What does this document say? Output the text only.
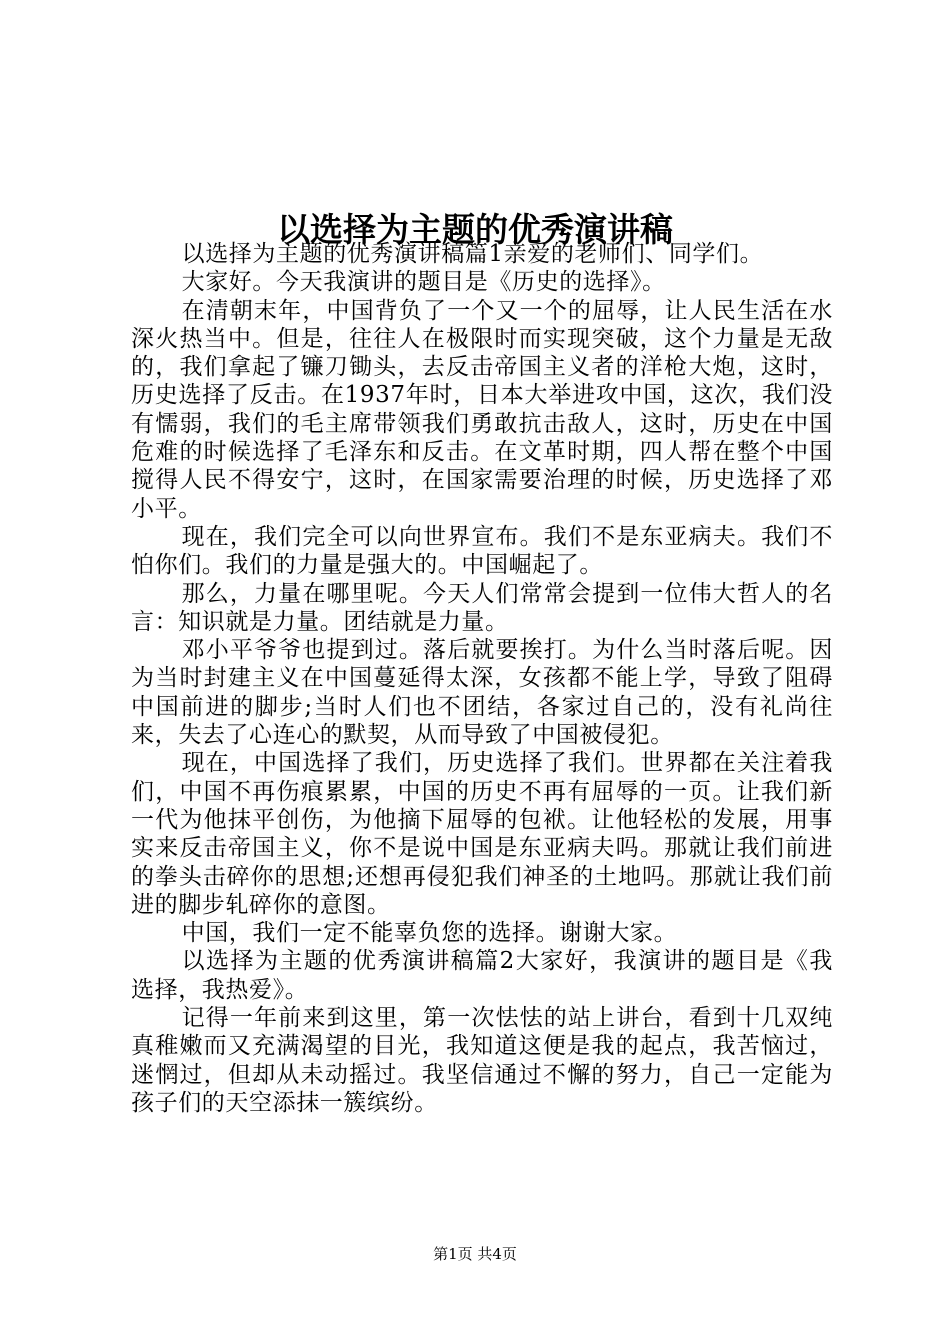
以选择为主题的优秀演讲稿

以选择为主题的优秀演讲稿篇1亲爱的老师们、同学们。

大家好。今天我演讲的题目是《历史的选择》。

在清朝末年，中国背负了一个又一个的屈辱，让人民生活在水深火热当中。但是，往往人在极限时而实现突破，这个力量是无敌的，我们拿起了镰刀锄头，去反击帝国主义者的洋枪大炮，这时，历史选择了反击。在1937年时，日本大举进攻中国，这次，我们没有懦弱，我们的毛主席带领我们勇敢抗击敌人，这时，历史在中国危难的时候选择了毛泽东和反击。在文革时期，四人帮在整个中国搅得人民不得安宁，这时，在国家需要治理的时候，历史选择了邓小平。

现在，我们完全可以向世界宣布。我们不是东亚病夫。我们不怕你们。我们的力量是强大的。中国崛起了。

那么，力量在哪里呢。今天人们常常会提到一位伟大哲人的名言：知识就是力量。团结就是力量。

邓小平爷爷也提到过。落后就要挨打。为什么当时落后呢。因为当时封建主义在中国蔓延得太深，女孩都不能上学，导致了阻碍中国前进的脚步;当时人们也不团结，各家过自己的，没有礼尚往来，失去了心连心的默契，从而导致了中国被侵犯。

现在，中国选择了我们，历史选择了我们。世界都在关注着我们，中国不再伤痕累累，中国的历史不再有屈辱的一页。让我们新一代为他抹平创伤，为他摘下屈辱的包袱。让他轻松的发展，用事实来反击帝国主义，你不是说中国是东亚病夫吗。那就让我们前进的拳头击碎你的思想;还想再侵犯我们神圣的土地吗。那就让我们前进的脚步轧碎你的意图。

中国，我们一定不能辜负您的选择。谢谢大家。

以选择为主题的优秀演讲稿篇2大家好，我演讲的题目是《我选择，我热爱》。

记得一年前来到这里，第一次怯怯的站上讲台，看到十几双纯真稚嫩而又充满渴望的目光，我知道这便是我的起点，我苦恼过，迷惘过，但却从未动摇过。我坚信通过不懈的努力，自己一定能为孩子们的天空添抹一簇缤纷。

第1页 共4页
